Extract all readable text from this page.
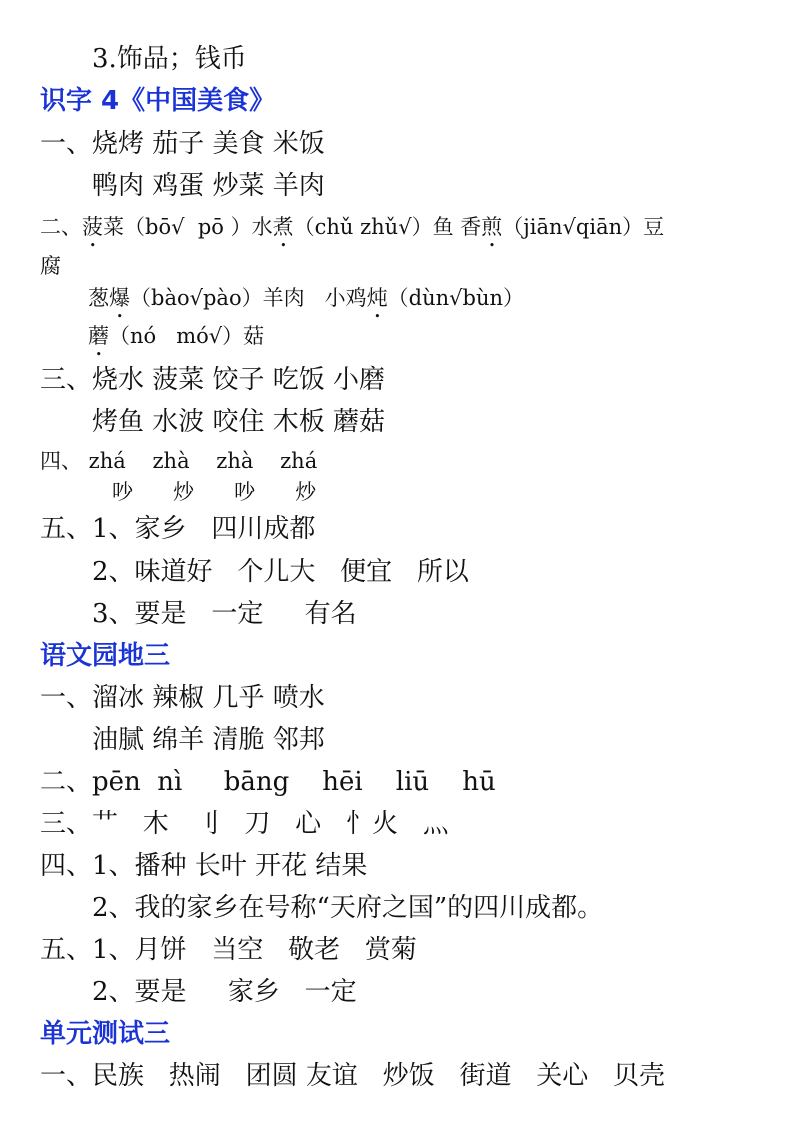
3.饰品；钱币
识字 4《中国美食》
一、烧烤 茄子 美食 米饭
鸭肉 鸡蛋 炒菜 羊肉
二、菠菜（bō√  pō ）水煮（chǔ zhǔ√）鱼 香煎（jiān√qiān）豆
腐
葱爆（bào√pào）羊肉   小鸡炖（dùn√bùn）
蘑（nó   mó√）菇
三、烧水 菠菜 饺子 吃饭 小磨
烤鱼 水波 咬住 木板 蘑菇
四、 zhá    zhà    zhà    zhá
吵      炒      吵      炒
五、1、家乡   四川成都
2、味道好   个儿大   便宜   所以
3、要是   一定     有名
语文园地三
一、溜冰 辣椒 几乎 喷水
油腻 绵羊 清脆 邻邦
二、pēn  nì     bāng    hēi    liū    hū
三、艹   木   刂   刀   心   忄火   灬
四、1、播种 长叶 开花 结果
2、我的家乡在号称“天府之国”的四川成都。
五、1、月饼   当空   敬老   赏菊
2、要是     家乡   一定
单元测试三
一、民族   热闹   团圆 友谊   炒饭   街道   关心   贝壳
